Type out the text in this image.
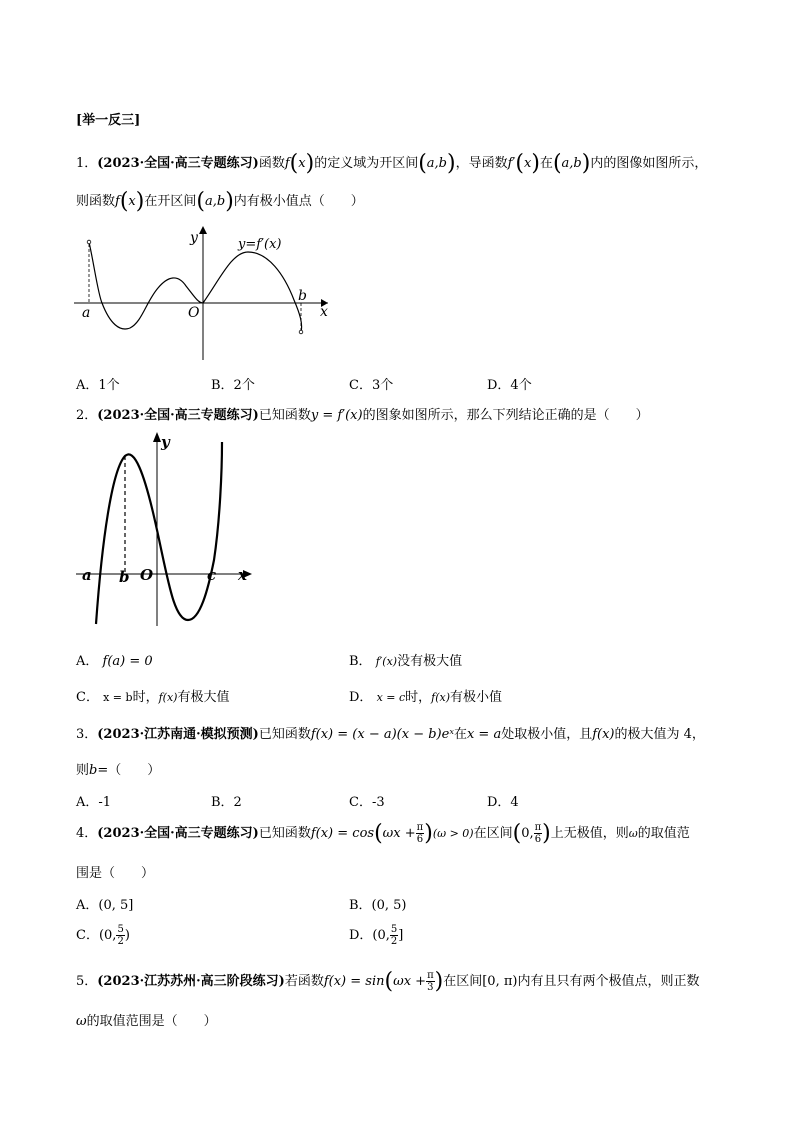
[举一反三]
1．(2023·全国·高三专题练习)函数f(x)的定义域为开区间(a,b)，导函数f′(x)在(a,b)内的图像如图所示，
则函数f(x)在开区间(a,b)内有极小值点（　　）
y	y=f′(x)
a
b
O	x
A．1个	B．2个	C．3个	D．4个
2．(2023·全国·高三专题练习)已知函数y = f′(x)的图象如图所示，那么下列结论正确的是（　　）
y
a b O	c x
A． f(a) = 0	B． f′(x)没有极大值
C． x = b时，f(x)有极大值	D． x = c时，f(x)有极小值
3．(2023·江苏南通·模拟预测)已知函数f(x) = (x − a)(x − b)eˣ在x = a处取极小值，且f(x)的极大值为 4，
则b=（　　）
A．-1	B．2	C．-3	D．4
4．(2023·全国·高三专题练习)已知函数$f(x) = \cos(\omega x + \frac{\pi}{6} )(\omega > 0)$在区间(0, $\frac{\pi}{6}$ )上无极值，则ω的取值范
围是（　　）
A．(0, 5]	B．(0, 5)
C．(0, $\frac{5}{2}$ )	D．(0, $\frac{5}{2}$ ]
5．(2023·江苏苏州·高三阶段练习)若函数$f(x) = \sin(\omega x + \frac{\pi}{3}$ )在区间[0, π)内有且只有两个极值点，则正数
ω的取值范围是（　　）
